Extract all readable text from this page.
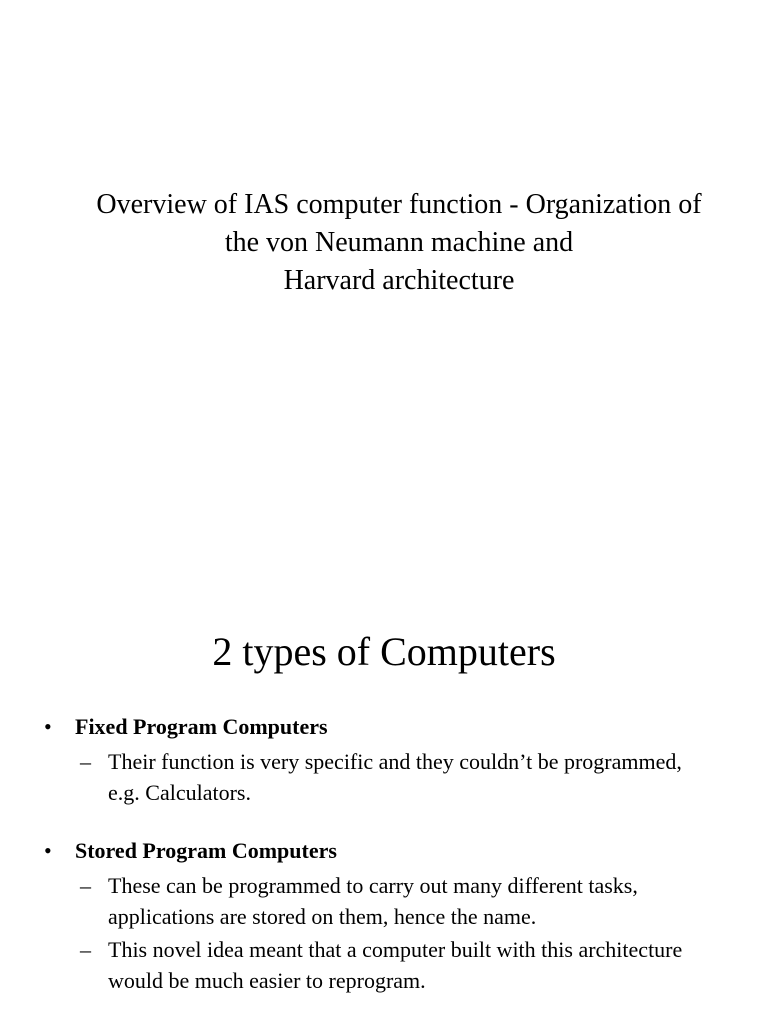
Overview of IAS computer function - Organization of
the von Neumann machine and
Harvard architecture
2 types of Computers
• Fixed Program Computers
– Their function is very specific and they couldn’t be programmed, e.g. Calculators.
• Stored Program Computers
– These can be programmed to carry out many different tasks, applications are stored on them, hence the name.
– This novel idea meant that a computer built with this architecture would be much easier to reprogram.
